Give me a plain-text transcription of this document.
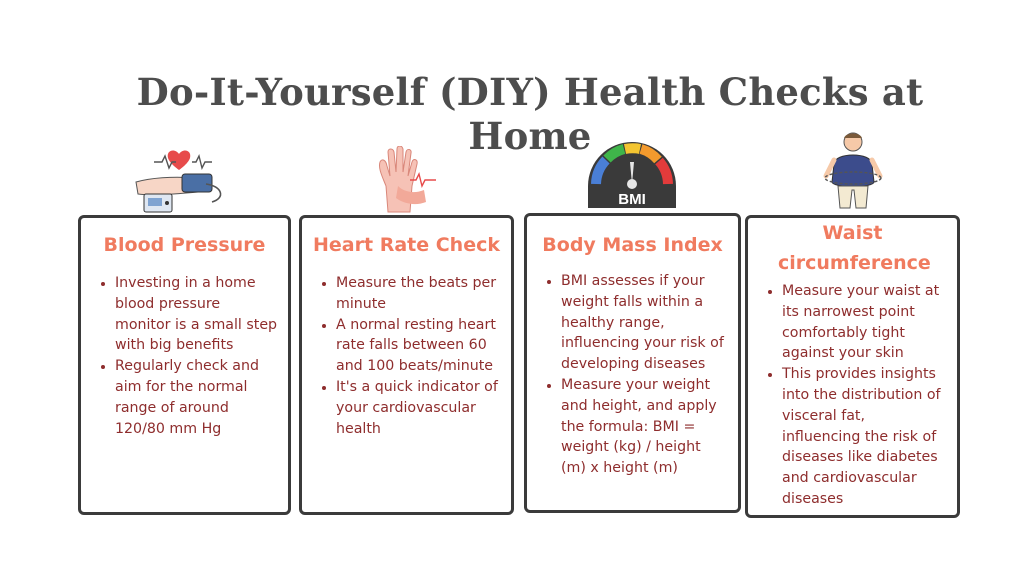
Do-It-Yourself (DIY) Health Checks at Home
BMI
Blood Pressure
• Investing in a home blood pressure monitor is a small step with big benefits
• Regularly check and aim for the normal range of around 120/80 mm Hg
Heart Rate Check
• Measure the beats per minute
• A normal resting heart rate falls between 60 and 100 beats/minute
• It's a quick indicator of your cardiovascular health
Body Mass Index
• BMI assesses if your weight falls within a healthy range, influencing your risk of developing diseases
• Measure your weight and height, and apply the formula: BMI = weight (kg) / height (m) x height (m)
Waist circumference
• Measure your waist at its narrowest point comfortably tight against your skin
• This provides insights into the distribution of visceral fat, influencing the risk of diseases like diabetes and cardiovascular diseases
